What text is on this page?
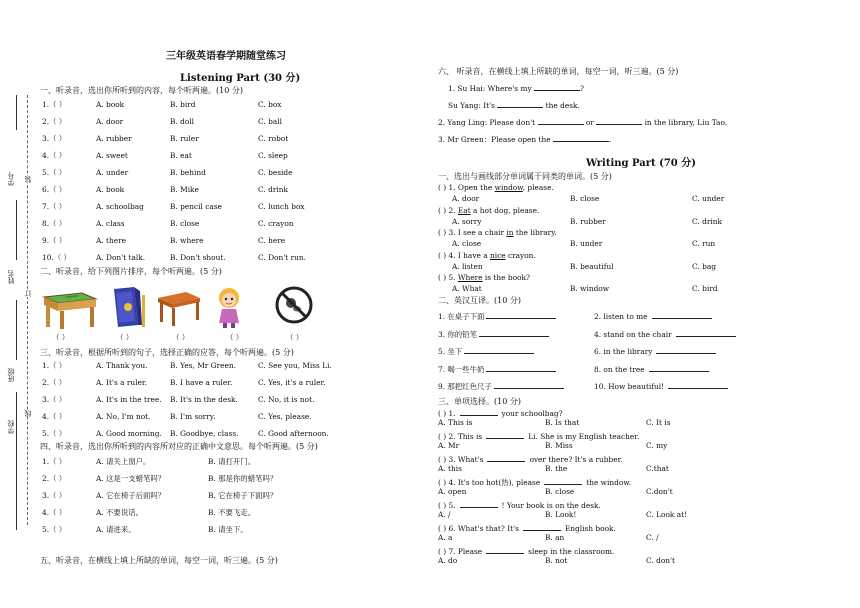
学号
姓名
班级
学校
装
订
线
三年级英语春学期随堂练习
Listening Part (30 分)
一、听录音，选出你所听到的内容，每个听两遍。(10 分)
1.（ ）	A. book	B. bird	C. box
2.（ ）	A. door	B. doll	C. ball
3.（ ）	A. rubber	B. ruler	C. robot
4.（ ）	A. sweet	B. eat	C. sleep
5.（ ）	A. under	B. behind	C. beside
6.（ ）	A. book	B. Mike	C. drink
7.（ ）	A. schoolbag	B. pencil case	C. lunch box
8.（ ）	A. class	B. close	C. crayon
9.（ ）	A. there	B. where	C. here
10.（ ）	A. Don't talk.	B. Don't shout.	C. Don't run.
二、听录音，给下列图片排序，每个听两遍。(5 分)
（ ）	（ ）	（ ）	（ ）	（ ）
三、听录音，根据所听到的句子，选择正确的应答，每个听两遍。(5 分)
1.（ ）	A. Thank you.	B. Yes, Mr Green.	C. See you, Miss Li.
2.（ ）	A. It's a ruler.	B. I have a ruler.	C. Yes, it's a ruler.
3.（ ）	A. It's in the tree. B. It's in the desk.	C. No, it is not.
4.（ ）	A. No, I'm not.	B. I'm sorry.	C. Yes, please.
5.（ ）	A. Good morning. B. Goodbye, class.	C. Good afternoon.
四、听录音，选出你所听到的内容所对应的正确中文意思。每个听两遍。(5 分)
1.（ ）	A. 请关上窗户。	B. 请打开门。
2.（ ）	A. 这是一支蜡笔吗？	B. 那是你的蜡笔吗？
3.（ ）	A. 它在椅子后面吗？	B. 它在椅子下面吗？
4.（ ）	A. 不要说话。	B. 不要飞走。
5.（ ）	A. 请进来。	B. 请坐下。
五、听录音，在横线上填上所缺的单词，每空一词，听三遍。(5 分)
六、 听录音，在横线上填上所缺的单词，每空一词，听三遍。(5 分)
1. Su Hai: Where's my	?
Su Yang: It's	the desk.
2. Yang Ling: Please don't	or	in the library, Liu Tao.
3. Mr Green：Please open the	.
Writing Part (70 分)
一、选出与画线部分单词属于同类的单词。(5 分)
( ) 1. Open the window, please.
A. door	B. close	C. under
( ) 2. Eat a hot dog, please.
A. sorry	B. rubber	C. drink
( ) 3. I see a chair in the library.
A. close	B. under	C. run
( ) 4. I have a nice crayon.
A. listen	B. beautiful	C. bag
( ) 5. Where is the book?
A. What	B. window	C. bird
二、英汉互译。(10 分)
1. 在桌子下面	2. listen to me
3. 你的铅笔	4. stand on the chair
5. 坐下	6. in the library
7. 喝一些牛奶	8. on the tree
9. 那把红色尺子	10. How beautiful!
三、单项选择。(10 分)
( ) 1.	your schoolbag?
A. This is	B. Is that	C. It is
( ) 2. This is	Li. She is my English teacher.
A. Mr	B. Miss	C. my
( ) 3. What's	over there? It's a rubber.
A. this	B. the	C.that
( ) 4. It's too hot(热), please	the window.
A. open	B. close	C.don't
( ) 5.	! Your book is on the desk.
A. /	B. Look!	C. Look at!
( ) 6. What's that? It's	English book.
A. a	B. an	C. /
( ) 7. Please	sleep in the classroom.
A. do	B. not	C. don't
